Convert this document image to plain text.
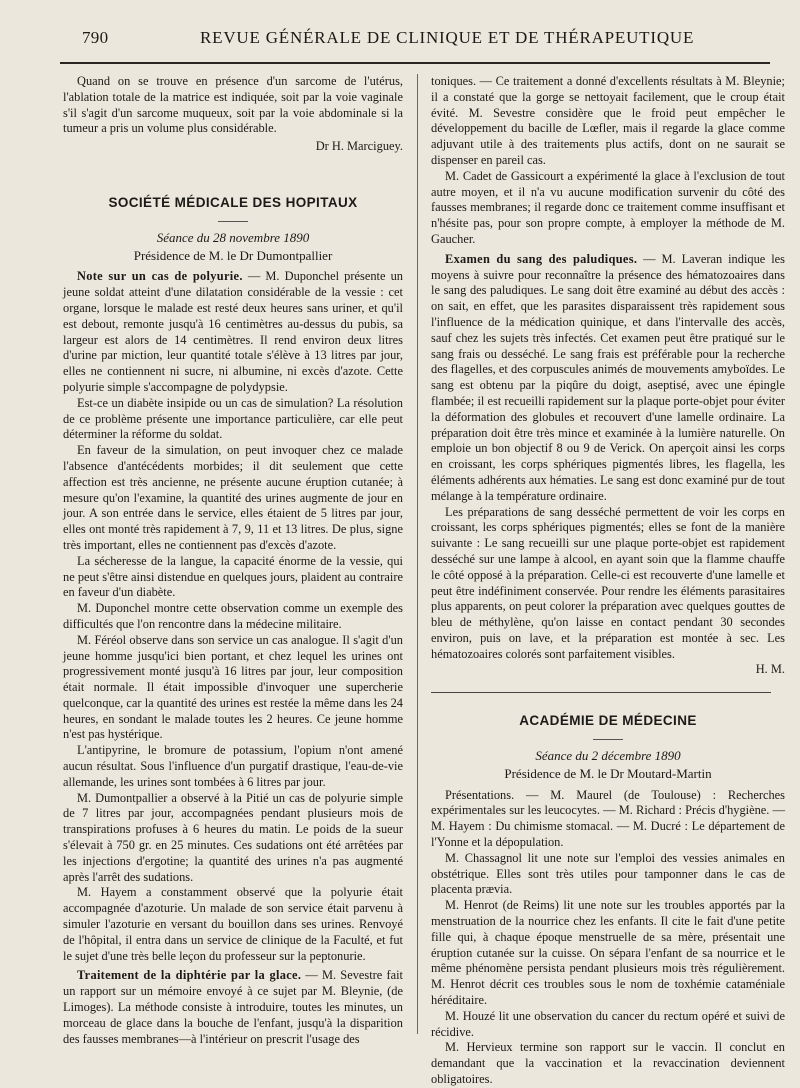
790	REVUE GÉNÉRALE DE CLINIQUE ET DE THÉRAPEUTIQUE

Quand on se trouve en présence d'un sarcome de l'utérus, l'ablation totale de la matrice est indiquée, soit par la voie vaginale s'il s'agit d'un sarcome muqueux, soit par la voie abdominale si la tumeur a pris un volume plus considérable.

Dr H. Marciguey.

SOCIÉTÉ MÉDICALE DES HOPITAUX
Séance du 28 novembre 1890
Présidence de M. le Dr Dumontpallier

Note sur un cas de polyurie. — M. Duponchel présente un jeune soldat atteint d'une dilatation considérable de la vessie : cet organe, lorsque le malade est resté deux heures sans uriner, et qu'il est debout, remonte jusqu'à 16 centimètres au-dessus du pubis, sa largeur est alors de 14 centimètres. Il rend environ deux litres d'urine par miction, leur quantité totale s'élève à 13 litres par jour, elles ne contiennent ni sucre, ni albumine, ni excès d'azote. Cette polyurie simple s'accompagne de polydypsie.

Est-ce un diabète insipide ou un cas de simulation? La résolution de ce problème présente une importance particulière, car elle peut déterminer la réforme du soldat.

En faveur de la simulation, on peut invoquer chez ce malade l'absence d'antécédents morbides; il dit seulement que cette affection est très ancienne, ne présente aucune éruption cutanée; à mesure qu'on l'examine, la quantité des urines augmente de jour en jour. A son entrée dans le service, elles étaient de 5 litres par jour, elles ont monté très rapidement à 7, 9, 11 et 13 litres. De plus, signe très important, elles ne contiennent pas d'excès d'azote.

La sécheresse de la langue, la capacité énorme de la vessie, qui ne peut s'être ainsi distendue en quelques jours, plaident au contraire en faveur d'un diabète.

M. Duponchel montre cette observation comme un exemple des difficultés que l'on rencontre dans la médecine militaire.

M. Féréol observe dans son service un cas analogue. Il s'agit d'un jeune homme jusqu'ici bien portant, et chez lequel les urines ont progressivement monté jusqu'à 16 litres par jour, leur composition était normale. Il était impossible d'invoquer une supercherie quelconque, car la quantité des urines est restée la même dans les 24 heures, en sondant le malade toutes les 2 heures. Ce jeune homme n'est pas hystérique.

L'antipyrine, le bromure de potassium, l'opium n'ont amené aucun résultat. Sous l'influence d'un purgatif drastique, l'eau-de-vie allemande, les urines sont tombées à 6 litres par jour.

M. Dumontpallier a observé à la Pitié un cas de polyurie simple de 7 litres par jour, accompagnées pendant plusieurs mois de transpirations profuses à 6 heures du matin. Le poids de la sueur s'élevait à 750 gr. en 25 minutes. Ces sudations ont été arrêtées par les injections d'ergotine; la quantité des urines n'a pas augmenté après l'arrêt des sudations.

M. Hayem a constamment observé que la polyurie était accompagnée d'azoturie. Un malade de son service était parvenu à simuler l'azoturie en versant du bouillon dans ses urines. Renvoyé de l'hôpital, il entra dans un service de clinique de la Faculté, et fut le sujet d'une très belle leçon du professeur sur la peptonurie.

Traitement de la diphtérie par la glace. — M. Sevestre fait un rapport sur un mémoire envoyé à ce sujet par M. Bleynie, (de Limoges). La méthode consiste à introduire, toutes les minutes, un morceau de glace dans la bouche de l'enfant, jusqu'à la disparition des fausses membranes—à l'intérieur on prescrit l'usage des

toniques. — Ce traitement a donné d'excellents résultats à M. Bleynie; il a constaté que la gorge se nettoyait facilement, que le croup était évité. M. Sevestre considère que le froid peut empêcher le développement du bacille de Lœfler, mais il regarde la glace comme adjuvant utile à des traitements plus actifs, dont on ne saurait se dispenser en pareil cas.

M. Cadet de Gassicourt a expérimenté la glace à l'exclusion de tout autre moyen, et il n'a vu aucune modification survenir du côté des fausses membranes; il regarde donc ce traitement comme insuffisant et n'hésite pas, pour son propre compte, à employer la méthode de M. Gaucher.

Examen du sang des paludiques. — M. Laveran indique les moyens à suivre pour reconnaître la présence des hématozoaires dans le sang des paludiques. Le sang doit être examiné au début des accès : on sait, en effet, que les parasites disparaissent très rapidement sous l'influence de la médication quinique, et dans l'intervalle des accès, sauf chez les sujets très infectés. Cet examen peut être pratiqué sur le sang frais ou desséché. Le sang frais est préférable pour la recherche des flagelles, et des corpuscules animés de mouvements amyboïdes. Le sang est obtenu par la piqûre du doigt, aseptisé, avec une épingle flambée; il est recueilli rapidement sur la plaque porte-objet pour éviter la déformation des globules et recouvert d'une lamelle ordinaire. La préparation doit être très mince et examinée à la lumière naturelle. On emploie un bon objectif 8 ou 9 de Verick. On aperçoit ainsi les corps en croissant, les corps sphériques pigmentés libres, les flagella, les éléments adhérents aux hématies. Le sang est donc examiné pur de tout mélange à la température ordinaire.

Les préparations de sang desséché permettent de voir les corps en croissant, les corps sphériques pigmentés; elles se font de la manière suivante : Le sang recueilli sur une plaque porte-objet est rapidement desséché sur une lampe à alcool, en ayant soin que la flamme chauffe le côté opposé à la préparation. Celle-ci est recouverte d'une lamelle et peut être indéfiniment conservée. Pour rendre les éléments parasitaires plus apparents, on peut colorer la préparation avec quelques gouttes de bleu de méthylène, qu'on laisse en contact pendant 30 secondes environ, puis on lave, et la préparation est montée à sec. Les hématozoaires colorés sont parfaitement visibles.

H. M.
ACADÉMIE DE MÉDECINE
Séance du 2 décembre 1890
Présidence de M. le Dr Moutard-Martin

Présentations. — M. Maurel (de Toulouse) : Recherches expérimentales sur les leucocytes. — M. Richard : Précis d'hygiène. — M. Hayem : Du chimisme stomacal. — M. Ducré : Le département de l'Yonne et la dépopulation.

M. Chassagnol lit une note sur l'emploi des vessies animales en obstétrique. Elles sont très utiles pour tamponner dans le cas de placenta prævia.

M. Henrot (de Reims) lit une note sur les troubles apportés par la menstruation de la nourrice chez les enfants. Il cite le fait d'une petite fille qui, à chaque époque menstruelle de sa mère, présentait une éruption cutanée sur la cuisse. On sépara l'enfant de sa nourrice et le même phénomène persista pendant plusieurs mois très régulièrement. M. Henrot décrit ces troubles sous le nom de toxhémie cataméniale héréditaire.

M. Houzé lit une observation du cancer du rectum opéré et suivi de récidive.

M. Hervieux termine son rapport sur le vaccin. Il conclut en demandant que la vaccination et la revaccination deviennent obligatoires.
